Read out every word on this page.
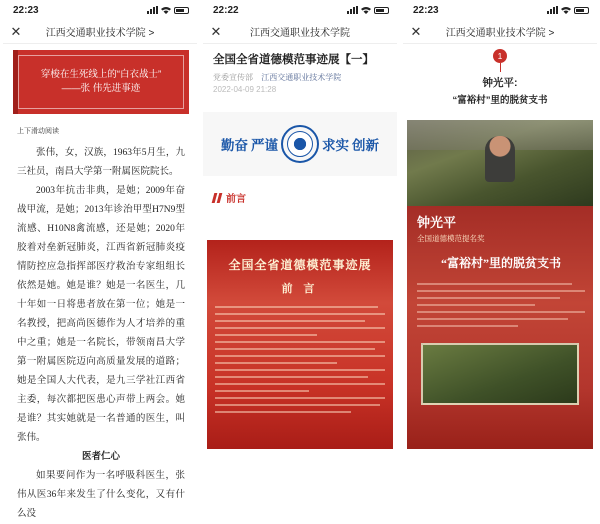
22:23
✕	江西交通职业技术学院 >
穿梭在生死线上的“白衣战士”
——张 伟先进事迹
上下滑动阅读

张伟，女，汉族，1963年5月生，九三社员，南昌大学第一附属医院院长。

2003年抗击非典，是她；2009年奋战甲流，是她；2013年诊治甲型H7N9型流感、H10N8禽流感，还是她；2020年胶着对垒新冠肺炎，江西省新冠肺炎疫情防控应急指挥部医疗救治专家组组长依然是她。她是谁？她是一名医生，几十年如一日将患者放在第一位；她是一名教授，把高尚医德作为人才培养的重中之重；她是一名院长，带领南昌大学第一附属医院迈向高质量发展的道路；她是全国人大代表，是九三学社江西省主委，每次都把医患心声带上两会。她是谁？其实她就是一名普通的医生，叫张伟。

医者仁心

如果要问作为一名呼吸科医生，张伟从医36年来发生了什么变化，又有什么没

22:22
✕	江西交通职业技术学院
全国全省道德模范事迹展【一】
党委宣传部 江西交通职业技术学院
2022-04-09 21:28
勤奋 严谨	求实 创新
前言
全国全省道德模范事迹展
前 言
22:23
✕	江西交通职业技术学院 >
1
钟光平:
“富裕村”里的脱贫支书
钟光平
全国道德模范提名奖
“富裕村”里的脱贫支书
